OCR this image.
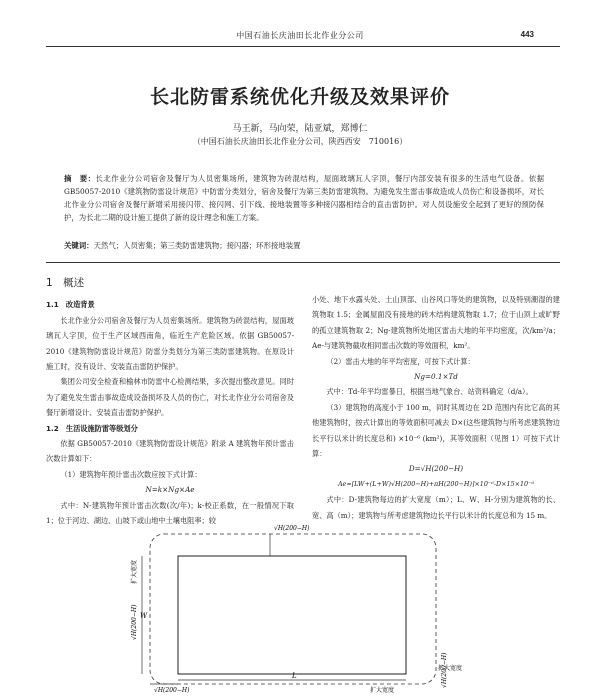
中国石油长庆油田长北作业分公司	443
长北防雷系统优化升级及效果评价
马王新，马向荣，陆亚斌，郑博仁
（中国石油长庆油田长北作业分公司，陕西西安　710016）
摘　要：长北作业分公司宿舍及餐厅为人员密集场所，建筑物为砖混结构，屋面玻璃瓦人字顶，餐厅内部安装有很多的生活电气设备。依据GB50057-2010《建筑物防雷设计规范》中防雷分类划分，宿舍及餐厅为第三类防雷建筑物。为避免发生雷击事故造成人员伤亡和设备损坏，对长北作业分公司宿舍及餐厅新增采用接闪带、接闪网、引下线、接地装置等多种接闪器相结合的直击雷防护。对人员设施安全起到了更好的预防保护，为长北二期的设计施工提供了新的设计理念和施工方案。
关键词：天然气；人员密集；第三类防雷建筑物；接闪器；环形接地装置
1　概述
1.1　改造背景

长北作业分公司宿舍及餐厅为人员密集场所。建筑物为砖混结构，屋面玻璃瓦人字顶，位于生产区域西南角，临近生产危险区域。依据 GB50057-2010《建筑物防雷设计规范》防雷分类划分为第三类防雷建筑物。在原设计施工时，没有设计、安装直击雷防护保护。

集团公司安全检查和榆林市防雷中心检测结果，多次提出整改意见。同时为了避免发生雷击事故造成设备损坏及人员的伤亡，对长北作业分公司宿舍及餐厅新增设计、安装直击雷防护保护。

1.2　生活设施防雷等级划分

依据 GB50057-2010《建筑物防雷设计规范》附录 A 建筑物年预计雷击次数计算如下：

（1）建筑物年预计雷击次数应按下式计算：

N=k×Ng×Ae

式中：N-建筑物年预计雷击次数(次/年)；k-校正系数，在一般情况下取 1；位于河边、湖边、山坡下或山地中土壤电阻率；较

小处、地下水露头处、土山顶部、山谷风口等处的建筑物，以及特别潮湿的建筑物取 1.5；金属屋面没有接地的砖木结构建筑物取 1.7；位于山顶上或旷野的孤立建筑物取 2；Ng-建筑物所处地区雷击大地的年平均密度，次/km²/a；Ae-与建筑物截收相同雷击次数的等效面积，km²。

（2）雷击大地的年平均密度，可按下式计算：

Ng=0.1×Td

式中：Td-年平均雷暴日，根据当地气象台、站资料确定（d/a）。

（3）建筑物的高度小于 100 m，同时其周边在 2D 范围内有比它高的其他建筑物时，按式计算出的等效面积可减去 D×(这些建筑物与所考虑建筑物边长平行以米计的长度总和) ×10⁻⁶ (km²)，其等效面积（见图 1）可按下式计算：

D=√H(200−H)
Ae=[LW+(L+W)√H(200−H)+πH(200−H)]×10⁻⁶-D×15×10⁻⁶

式中：D-建筑物每边的扩大宽度（m）；L、W、H-分别为建筑物的长、宽、高（m）；建筑物与所考虑建筑物边长平行以米计的长度总和为 15 m。

√H(200−H)
L
√H(200−H)	扩大宽度
√H(200−H)
扩大宽度
W
√H(200−H)
扩大宽度
